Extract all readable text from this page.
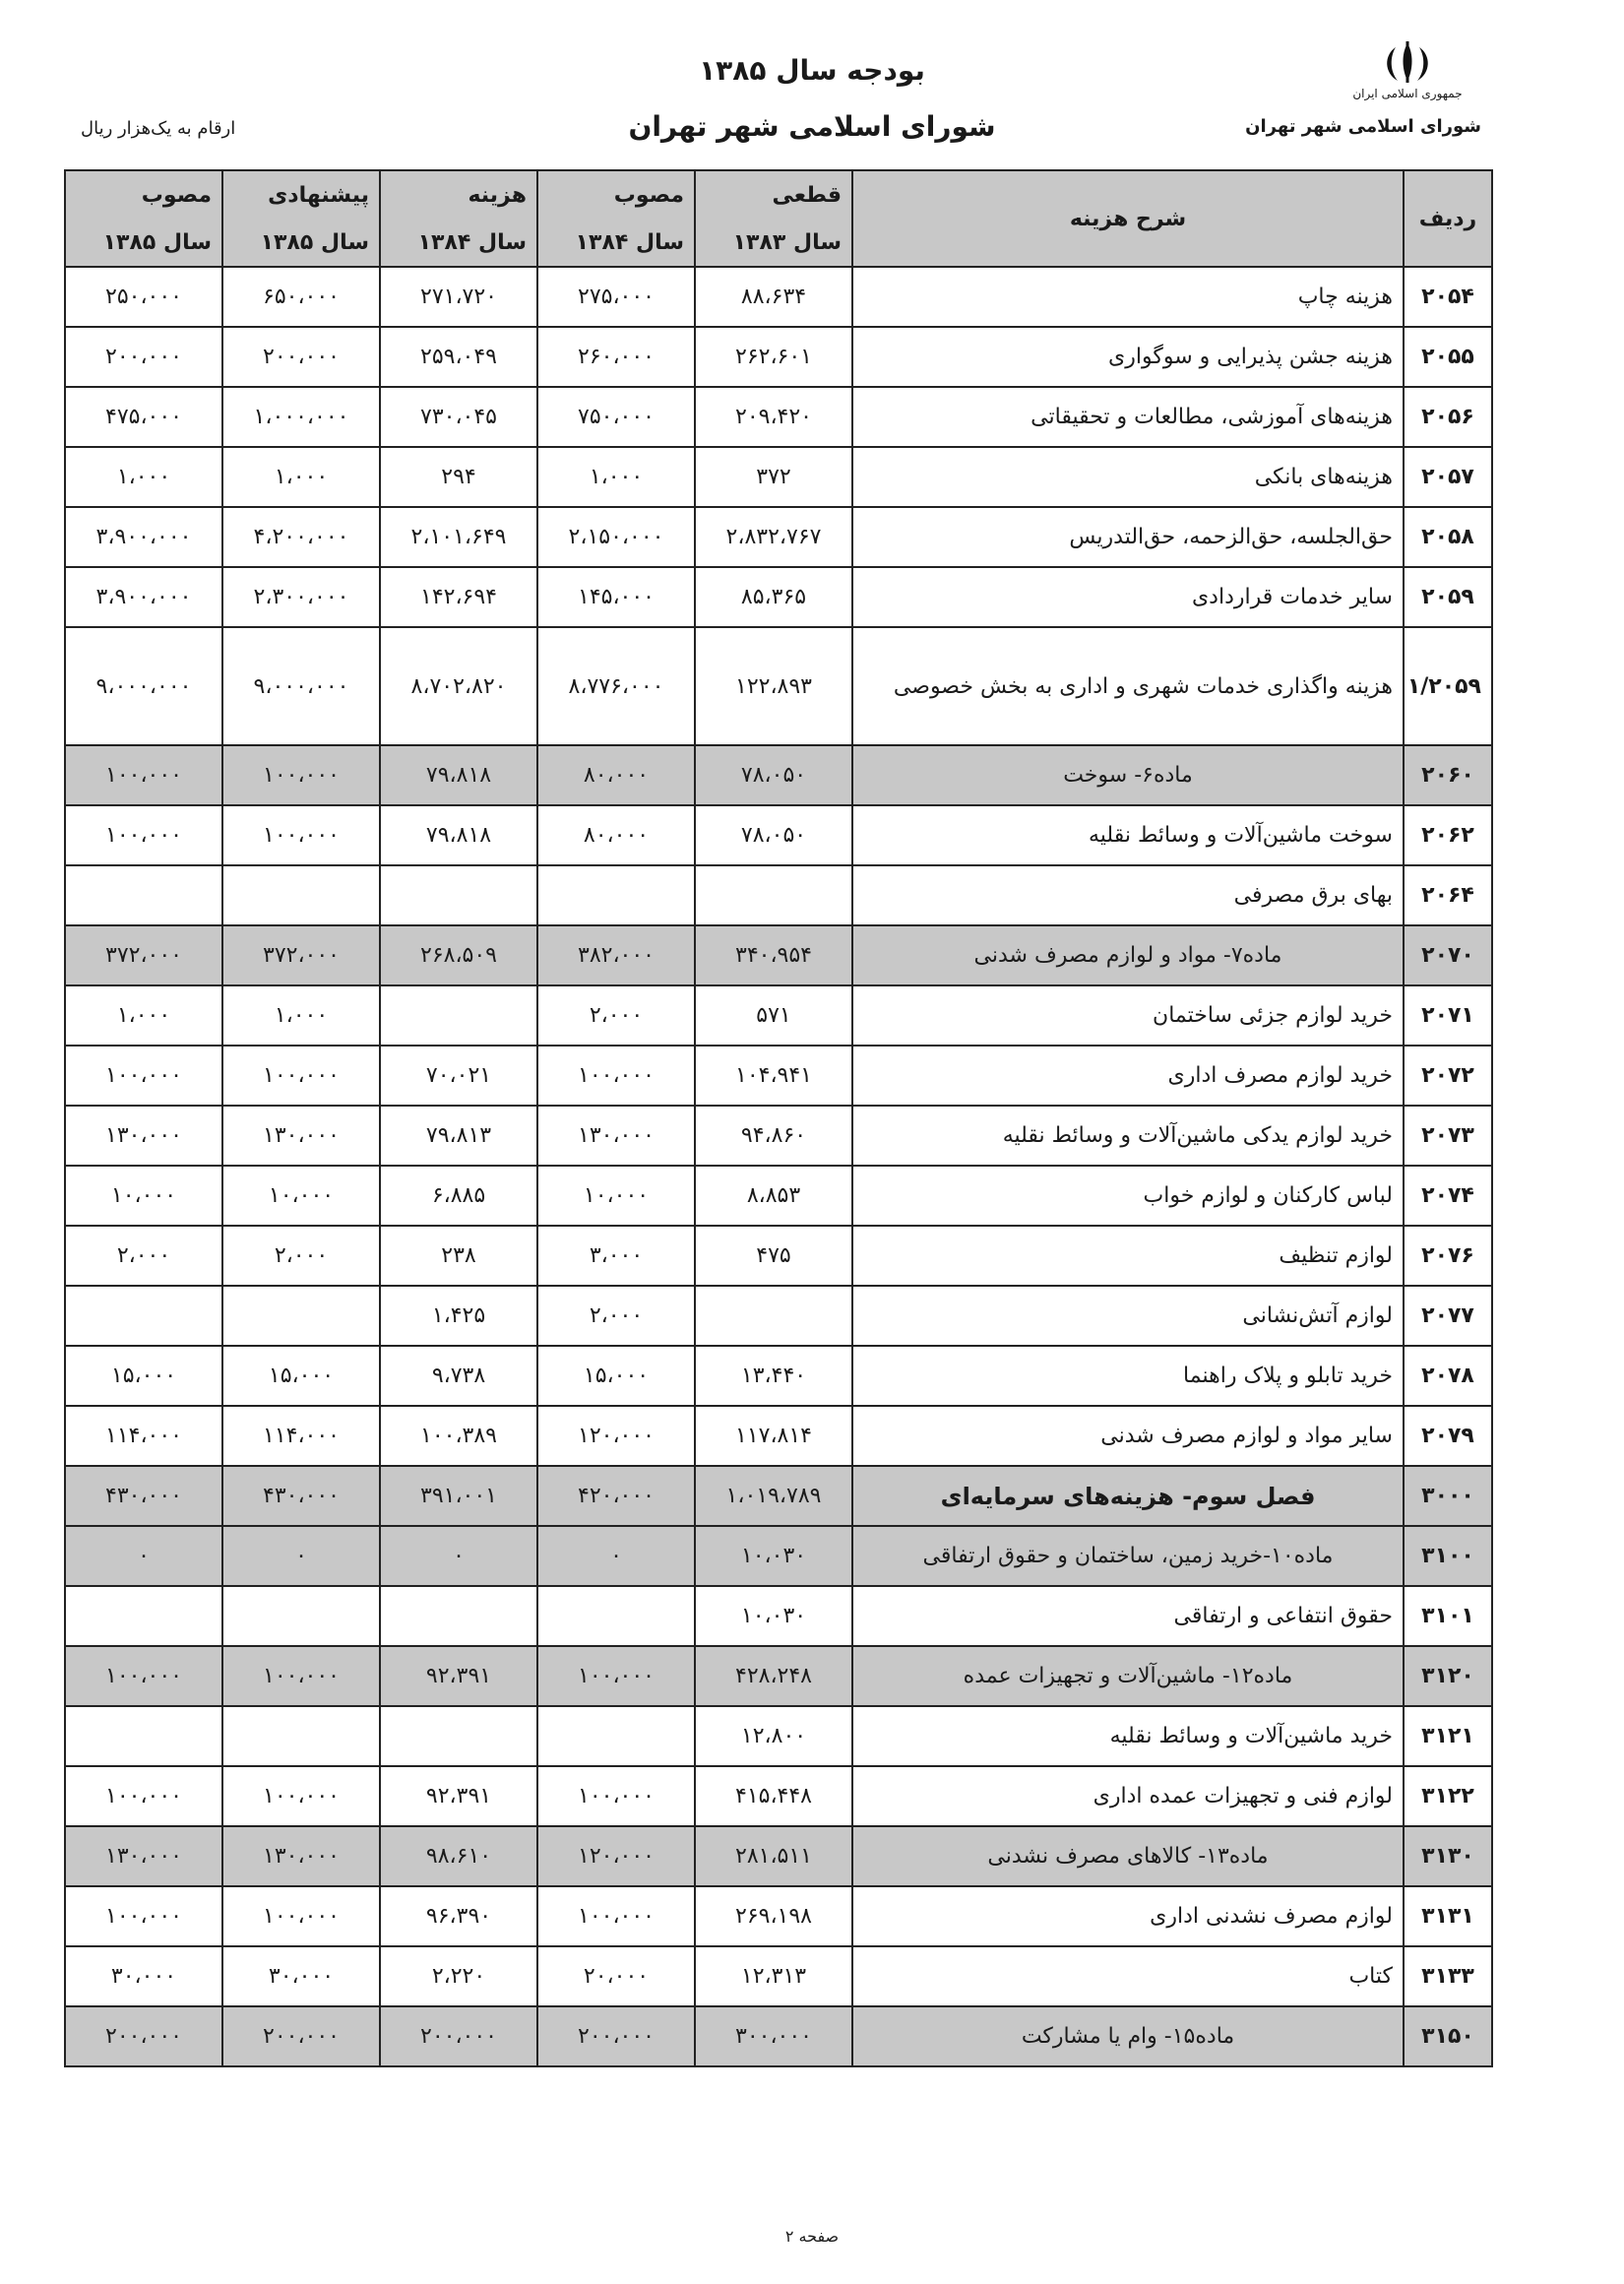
جمهوری اسلامی ایران
شورای اسلامی شهر تهران
بودجه سال ۱۳۸۵
شورای اسلامی شهر تهران
ارقام به یک‌هزار ریال
ردیف	شرح هزینه	قطعی	مصوب	هزینه	پیشنهادی	مصوب
		سال ۱۳۸۳	سال ۱۳۸۴	سال ۱۳۸۴	سال ۱۳۸۵	سال ۱۳۸۵
۲۰۵۴	هزینه چاپ	۸۸،۶۳۴	۲۷۵،۰۰۰	۲۷۱،۷۲۰	۶۵۰،۰۰۰	۲۵۰،۰۰۰
۲۰۵۵	هزینه جشن پذیرایی و سوگواری	۲۶۲،۶۰۱	۲۶۰،۰۰۰	۲۵۹،۰۴۹	۲۰۰،۰۰۰	۲۰۰،۰۰۰
۲۰۵۶	هزینه‌های آموزشی، مطالعات و تحقیقاتی	۲۰۹،۴۲۰	۷۵۰،۰۰۰	۷۳۰،۰۴۵	۱،۰۰۰،۰۰۰	۴۷۵،۰۰۰
۲۰۵۷	هزینه‌های بانکی	۳۷۲	۱،۰۰۰	۲۹۴	۱،۰۰۰	۱،۰۰۰
۲۰۵۸	حق‌الجلسه، حق‌الزحمه، حق‌التدریس	۲،۸۳۲،۷۶۷	۲،۱۵۰،۰۰۰	۲،۱۰۱،۶۴۹	۴،۲۰۰،۰۰۰	۳،۹۰۰،۰۰۰
۲۰۵۹	سایر خدمات قراردادی	۸۵،۳۶۵	۱۴۵،۰۰۰	۱۴۲،۶۹۴	۲،۳۰۰،۰۰۰	۳،۹۰۰،۰۰۰
۱/۲۰۵۹	هزینه واگذاری خدمات شهری و اداری به بخش خصوصی	۱۲۲،۸۹۳	۸،۷۷۶،۰۰۰	۸،۷۰۲،۸۲۰	۹،۰۰۰،۰۰۰	۹،۰۰۰،۰۰۰
۲۰۶۰	ماده۶- سوخت	۷۸،۰۵۰	۸۰،۰۰۰	۷۹،۸۱۸	۱۰۰،۰۰۰	۱۰۰،۰۰۰
۲۰۶۲	سوخت ماشین‌آلات و وسائط نقلیه	۷۸،۰۵۰	۸۰،۰۰۰	۷۹،۸۱۸	۱۰۰،۰۰۰	۱۰۰،۰۰۰
۲۰۶۴	بهای برق مصرفی					
۲۰۷۰	ماده۷- مواد و لوازم مصرف شدنی	۳۴۰،۹۵۴	۳۸۲،۰۰۰	۲۶۸،۵۰۹	۳۷۲،۰۰۰	۳۷۲،۰۰۰
۲۰۷۱	خرید لوازم جزئی ساختمان	۵۷۱	۲،۰۰۰		۱،۰۰۰	۱،۰۰۰
۲۰۷۲	خرید لوازم مصرف اداری	۱۰۴،۹۴۱	۱۰۰،۰۰۰	۷۰،۰۲۱	۱۰۰،۰۰۰	۱۰۰،۰۰۰
۲۰۷۳	خرید لوازم یدکی ماشین‌آلات و وسائط نقلیه	۹۴،۸۶۰	۱۳۰،۰۰۰	۷۹،۸۱۳	۱۳۰،۰۰۰	۱۳۰،۰۰۰
۲۰۷۴	لباس کارکنان و لوازم خواب	۸،۸۵۳	۱۰،۰۰۰	۶،۸۸۵	۱۰،۰۰۰	۱۰،۰۰۰
۲۰۷۶	لوازم تنظیف	۴۷۵	۳،۰۰۰	۲۳۸	۲،۰۰۰	۲،۰۰۰
۲۰۷۷	لوازم آتش‌نشانی		۲،۰۰۰	۱،۴۲۵		
۲۰۷۸	خرید تابلو و پلاک راهنما	۱۳،۴۴۰	۱۵،۰۰۰	۹،۷۳۸	۱۵،۰۰۰	۱۵،۰۰۰
۲۰۷۹	سایر مواد و لوازم مصرف شدنی	۱۱۷،۸۱۴	۱۲۰،۰۰۰	۱۰۰،۳۸۹	۱۱۴،۰۰۰	۱۱۴،۰۰۰
۳۰۰۰	فصل سوم- هزینه‌های سرمایه‌ای	۱،۰۱۹،۷۸۹	۴۲۰،۰۰۰	۳۹۱،۰۰۱	۴۳۰،۰۰۰	۴۳۰،۰۰۰
۳۱۰۰	ماده۱۰-خرید زمین، ساختمان و حقوق ارتفاقی	۱۰،۰۳۰	۰	۰	۰	۰
۳۱۰۱	حقوق انتفاعی و ارتفاقی	۱۰،۰۳۰				
۳۱۲۰	ماده۱۲- ماشین‌آلات و تجهیزات عمده	۴۲۸،۲۴۸	۱۰۰،۰۰۰	۹۲،۳۹۱	۱۰۰،۰۰۰	۱۰۰،۰۰۰
۳۱۲۱	خرید ماشین‌آلات و وسائط نقلیه	۱۲،۸۰۰				
۳۱۲۲	لوازم فنی و تجهیزات عمده اداری	۴۱۵،۴۴۸	۱۰۰،۰۰۰	۹۲،۳۹۱	۱۰۰،۰۰۰	۱۰۰،۰۰۰
۳۱۳۰	ماده۱۳- کالاهای مصرف نشدنی	۲۸۱،۵۱۱	۱۲۰،۰۰۰	۹۸،۶۱۰	۱۳۰،۰۰۰	۱۳۰،۰۰۰
۳۱۳۱	لوازم مصرف نشدنی اداری	۲۶۹،۱۹۸	۱۰۰،۰۰۰	۹۶،۳۹۰	۱۰۰،۰۰۰	۱۰۰،۰۰۰
۳۱۳۳	کتاب	۱۲،۳۱۳	۲۰،۰۰۰	۲،۲۲۰	۳۰،۰۰۰	۳۰،۰۰۰
۳۱۵۰	ماده۱۵- وام یا مشارکت	۳۰۰،۰۰۰	۲۰۰،۰۰۰	۲۰۰،۰۰۰	۲۰۰،۰۰۰	۲۰۰،۰۰۰
صفحه ۲
